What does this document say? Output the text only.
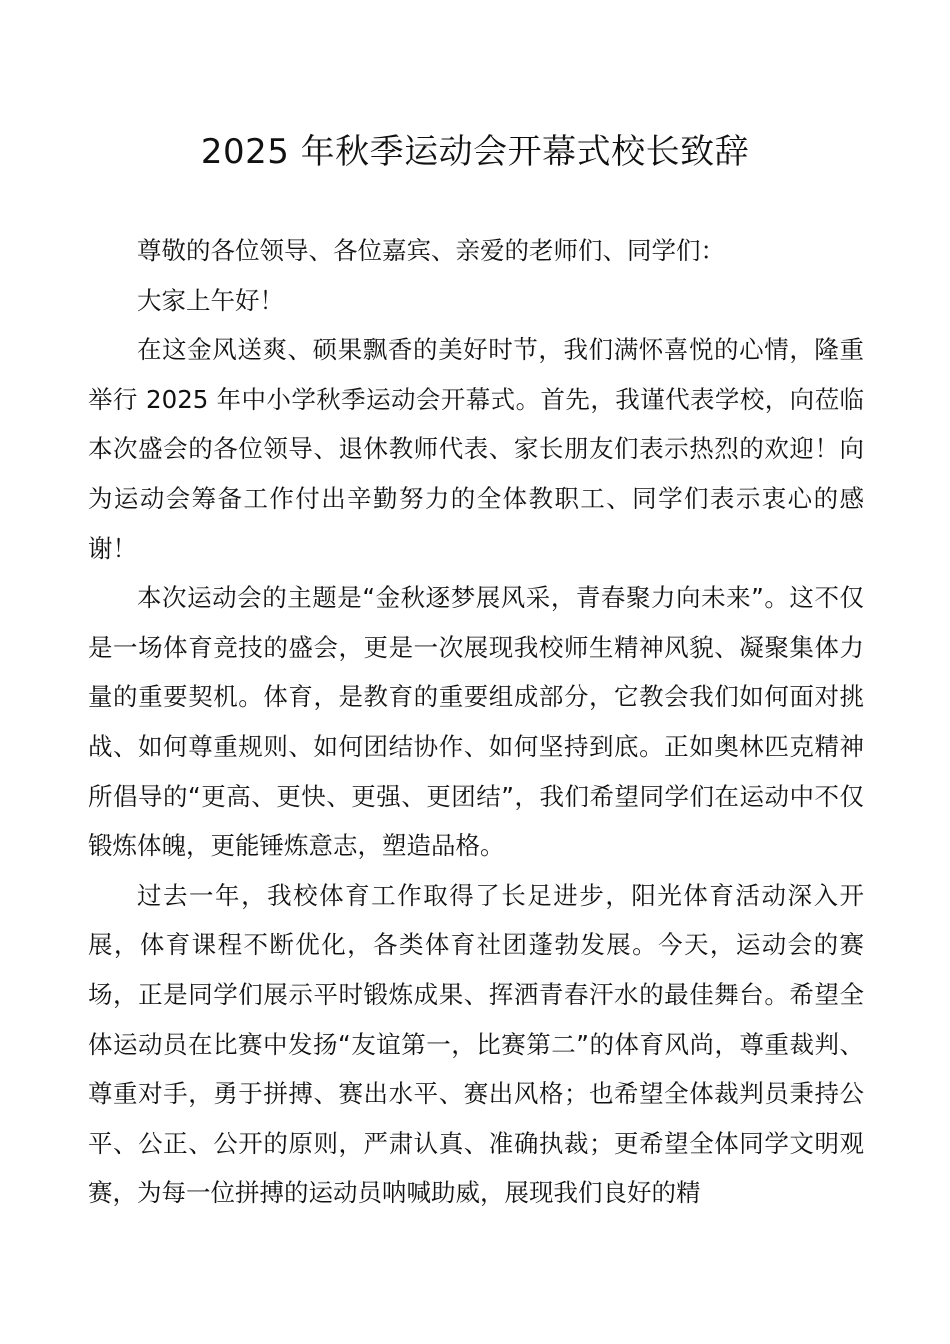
2025 年秋季运动会开幕式校长致辞

尊敬的各位领导、各位嘉宾、亲爱的老师们、同学们：

大家上午好！

在这金风送爽、硕果飘香的美好时节，我们满怀喜悦的心情，隆重举行 2025 年中小学秋季运动会开幕式。首先，我谨代表学校，向莅临本次盛会的各位领导、退休教师代表、家长朋友们表示热烈的欢迎！向为运动会筹备工作付出辛勤努力的全体教职工、同学们表示衷心的感谢！

本次运动会的主题是“金秋逐梦展风采，青春聚力向未来”。这不仅是一场体育竞技的盛会，更是一次展现我校师生精神风貌、凝聚集体力量的重要契机。体育，是教育的重要组成部分，它教会我们如何面对挑战、如何尊重规则、如何团结协作、如何坚持到底。正如奥林匹克精神所倡导的“更高、更快、更强、更团结”，我们希望同学们在运动中不仅锻炼体魄，更能锤炼意志，塑造品格。

过去一年，我校体育工作取得了长足进步，阳光体育活动深入开展，体育课程不断优化，各类体育社团蓬勃发展。今天，运动会的赛场，正是同学们展示平时锻炼成果、挥洒青春汗水的最佳舞台。希望全体运动员在比赛中发扬“友谊第一，比赛第二”的体育风尚，尊重裁判、尊重对手，勇于拼搏、赛出水平、赛出风格；也希望全体裁判员秉持公平、公正、公开的原则，严肃认真、准确执裁；更希望全体同学文明观赛，为每一位拼搏的运动员呐喊助威，展现我们良好的精
